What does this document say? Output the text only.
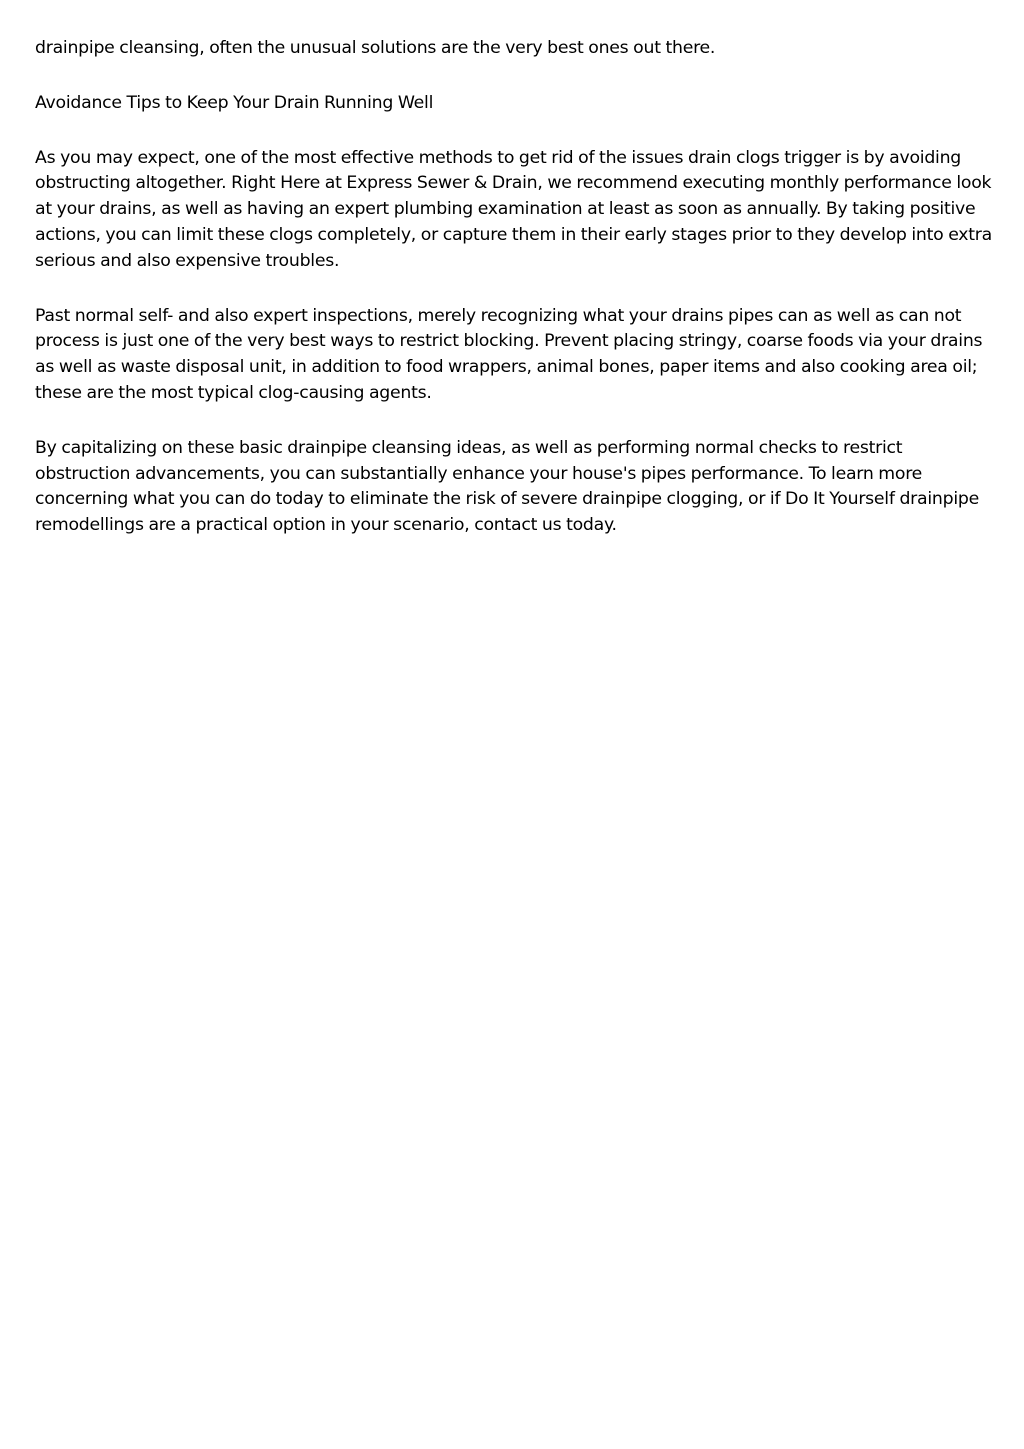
drainpipe cleansing, often the unusual solutions are the very best ones out there.

Avoidance Tips to Keep Your Drain Running Well

As you may expect, one of the most effective methods to get rid of the issues drain clogs trigger is by avoiding obstructing altogether. Right Here at Express Sewer & Drain, we recommend executing monthly performance look at your drains, as well as having an expert plumbing examination at least as soon as annually. By taking positive actions, you can limit these clogs completely, or capture them in their early stages prior to they develop into extra serious and also expensive troubles.

Past normal self- and also expert inspections, merely recognizing what your drains pipes can as well as can not process is just one of the very best ways to restrict blocking. Prevent placing stringy, coarse foods via your drains as well as waste disposal unit, in addition to food wrappers, animal bones, paper items and also cooking area oil; these are the most typical clog-causing agents.

By capitalizing on these basic drainpipe cleansing ideas, as well as performing normal checks to restrict obstruction advancements, you can substantially enhance your house's pipes performance. To learn more concerning what you can do today to eliminate the risk of severe drainpipe clogging, or if Do It Yourself drainpipe remodellings are a practical option in your scenario, contact us today.
